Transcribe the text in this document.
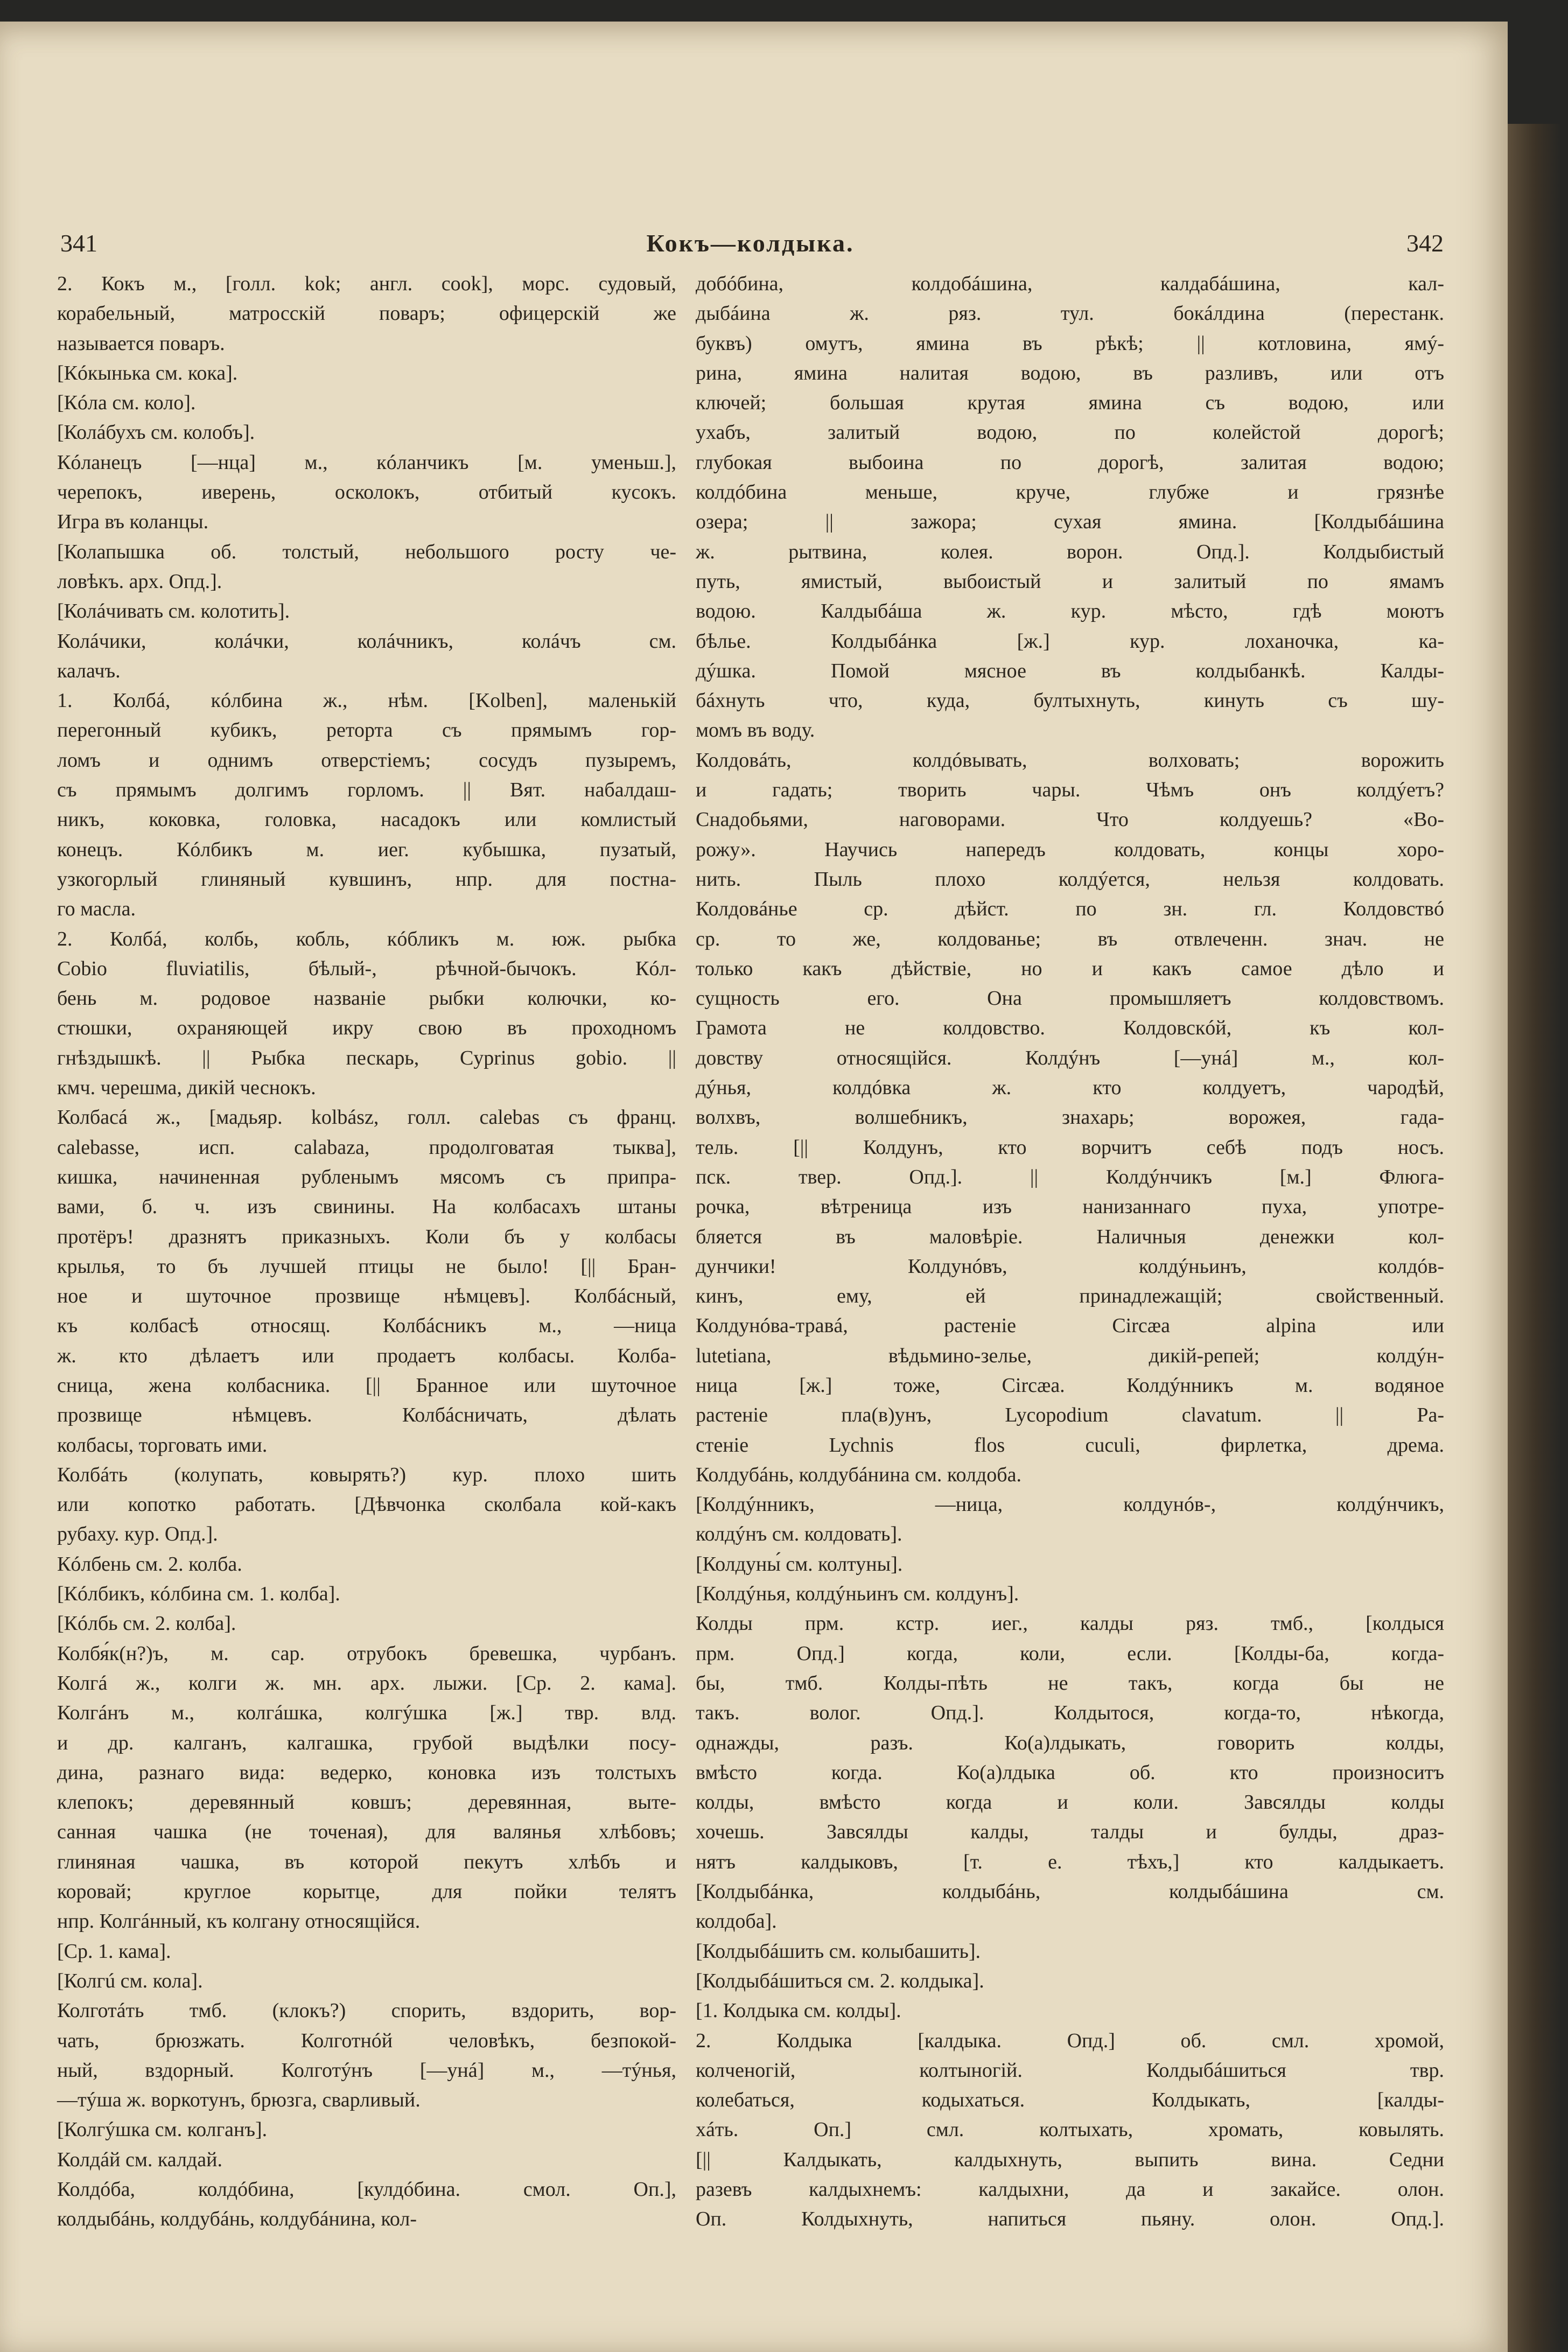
341	Кокъ—колдыка.	342
2. Кокъ м., [голл. kok; англ. cook], морс. судовый,
корабельный, матросскій поваръ; офицерскій же
называется поваръ.
[Кóкынька см. кока].
[Кóла см. коло].
[Колáбухъ см. колобъ].
Кóланецъ [—нца] м., кóланчикъ [м. уменьш.],
черепокъ, иверень, осколокъ, отбитый кусокъ.
Игра въ коланцы.
[Колапышка об. толстый, небольшого росту че-
ловѣкъ. арх. Опд.].
[Колáчивать см. колотить].
Колáчики, колáчки, колáчникъ, колáчъ см.
калачъ.
1. Колбá, кóлбина ж., нѣм. [Kolben], маленькій
перегонный кубикъ, реторта съ прямымъ гор-
ломъ и однимъ отверстіемъ; сосудъ пузыремъ,
съ прямымъ долгимъ горломъ. || Вят. набалдаш-
никъ, коковка, головка, насадокъ или комлистый
конецъ. Кóлбикъ м. иег. кубышка, пузатый,
узкогорлый глиняный кувшинъ, нпр. для постна-
го масла.
2. Колбá, колбь, кобль, кóбликъ м. юж. рыбка
Cobio fluviatilis, бѣлый-, рѣчной-бычокъ. Кóл-
бень м. родовое названіе рыбки колючки, ко-
стюшки, охраняющей икру свою въ проходномъ
гнѣздышкѣ. || Рыбка пескарь, Cyprinus gobio. ||
кмч. черешма, дикій чеснокъ.
Колбасá ж., [мадьяр. kolbász, голл. calebas съ франц.
calebasse, исп. calabaza, продолговатая тыква],
кишка, начиненная рубленымъ мясомъ съ припра-
вами, б. ч. изъ свинины. На колбасахъ штаны
протёръ! дразнятъ приказныхъ. Коли бъ у колбасы
крылья, то бъ лучшей птицы не было! [|| Бран-
ное и шуточное прозвище нѣмцевъ]. Колбáсный,
къ колбасѣ относящ. Колбáсникъ м., —ница
ж. кто дѣлаетъ или продаетъ колбасы. Колба-
сница, жена колбасника. [|| Бранное или шуточное
прозвище нѣмцевъ. Колбáсничать, дѣлать
колбасы, торговать ими.
Колбáть (колупать, ковырять?) кур. плохо шить
или копотко работать. [Дѣвчонка сколбала кой-какъ
рубаху. кур. Опд.].
Кóлбень см. 2. колба.
[Кóлбикъ, кóлбина см. 1. колба].
[Кóлбь см. 2. колба].
Колбя́к(н?)ъ, м. сар. отрубокъ бревешка, чурбанъ.
Колгá ж., колги ж. мн. арх. лыжи. [Ср. 2. кама].
Колгáнъ м., колгáшка, колгýшка [ж.] твр. влд.
и др. калганъ, калгашка, грубой выдѣлки посу-
дина, разнаго вида: ведерко, коновка изъ толстыхъ
клепокъ; деревянный ковшъ; деревянная, выте-
санная чашка (не точеная), для валянья хлѣбовъ;
глиняная чашка, въ которой пекутъ хлѣбъ и
коровай; круглое корытце, для пойки телятъ
нпр. Колгáнный, къ колгану относящійся.
[Ср. 1. кама].
[Колгú см. кола].
Колготáть тмб. (клокъ?) спорить, вздорить, вор-
чать, брюзжать. Колготнóй человѣкъ, безпокой-
ный, вздорный. Колготýнъ [—унá] м., —тýнья,
—тýша ж. воркотунъ, брюзга, сварливый.
[Колгýшка см. колганъ].
Колдáй см. калдай.
Колдóба, колдóбина, [кулдóбина. смол. Оп.],
колдыбáнь, колдубáнь, колдубáнина, кол-
добóбина, колдобáшина, калдабáшина, кал-
дыбáина ж. ряз. тул. бокáлдина (перестанк.
буквъ) омутъ, ямина въ рѣкѣ; || котловина, ямý-
рина, ямина налитая водою, въ разливъ, или отъ
ключей; большая крутая ямина съ водою, или
ухабъ, залитый водою, по колейстой дорогѣ;
глубокая выбоина по дорогѣ, залитая водою;
колдóбина меньше, круче, глубже и грязнѣе
озера; || зажора; сухая ямина. [Колдыбáшина
ж. рытвина, колея. ворон. Опд.]. Колдыбистый
путь, ямистый, выбоистый и залитый по ямамъ
водою. Калдыбáша ж. кур. мѣсто, гдѣ моютъ
бѣлье. Колдыбáнка [ж.] кур. лоханочка, ка-
дýшка. Помой мясное въ колдыбанкѣ. Калды-
бáхнуть что, куда, бултыхнуть, кинуть съ шу-
момъ въ воду.
Колдовáть, колдóвывать, волховать; ворожить
и гадать; творить чары. Чѣмъ онъ колдýетъ?
Снадобьями, наговорами. Что колдуешь? «Во-
рожу». Научись напередъ колдовать, концы хоро-
нить. Пыль плохо колдýется, нельзя колдовать.
Колдовáнье ср. дѣйст. по зн. гл. Колдовствó
ср. то же, колдованье; въ отвлеченн. знач. не
только какъ дѣйствіе, но и какъ самое дѣло и
сущность его. Она промышляетъ колдовствомъ.
Грамота не колдовство. Колдовскóй, къ кол-
довству относящійся. Колдýнъ [—унá] м., кол-
дýнья, колдóвка ж. кто колдуетъ, чародѣй,
волхвъ, волшебникъ, знахарь; ворожея, гада-
тель. [|| Колдунъ, кто ворчитъ себѣ подъ носъ.
пск. твер. Опд.]. || Колдýнчикъ [м.] Флюга-
рочка, вѣтреница изъ нанизаннаго пуха, употре-
бляется въ маловѣріе. Наличныя денежки кол-
дунчики! Колдунóвъ, колдýньинъ, колдóв-
кинъ, ему, ей принадлежащій; свойственный.
Колдунóва-травá, растеніе Circæa alpina или
lutetiana, вѣдьмино-зелье, дикій-репей; колдýн-
ница [ж.] тоже, Circæa. Колдýнникъ м. водяное
растеніе пла(в)унъ, Lycopodium clavatum. || Ра-
стеніе Lychnis flos cuculi, фирлетка, дрема.
Колдубáнь, колдубáнина см. колдоба.
[Колдýнникъ, —ница, колдунóв-, колдýнчикъ,
колдýнъ см. колдовать].
[Колдуны́ см. колтуны].
[Колдýнья, колдýньинъ см. колдунъ].
Колды прм. кстр. иег., калды ряз. тмб., [колдыся
прм. Опд.] когда, коли, если. [Колды-ба, когда-
бы, тмб. Колды-пѣть не такъ, когда бы не
такъ. волог. Опд.]. Колдытося, когда-то, нѣкогда,
однажды, разъ. Ко(а)лдыкать, говорить колды,
вмѣсто когда. Ко(а)лдыка об. кто произноситъ
колды, вмѣсто когда и коли. Завсялды колды
хочешь. Завсялды калды, талды и булды, драз-
нятъ калдыковъ, [т. е. тѣхъ,] кто калдыкаетъ.
[Колдыбáнка, колдыбáнь, колдыбáшина см.
колдоба].
[Колдыбáшить см. колыбашить].
[Колдыбáшиться см. 2. колдыка].
[1. Колдыка см. колды].
2. Колдыка [калдыка. Опд.] об. смл. хромой,
колченогій, колтыногій. Колдыбáшиться твр.
колебаться, кодыхаться. Колдыкать, [калды-
хáть. Оп.] смл. колтыхать, хромать, ковылять.
[|| Калдыкать, калдыхнуть, выпить вина. Седни
разевъ калдыхнемъ: калдыхни, да и закайсе. олон.
Оп. Колдыхнуть, напиться пьяну. олон. Опд.].
